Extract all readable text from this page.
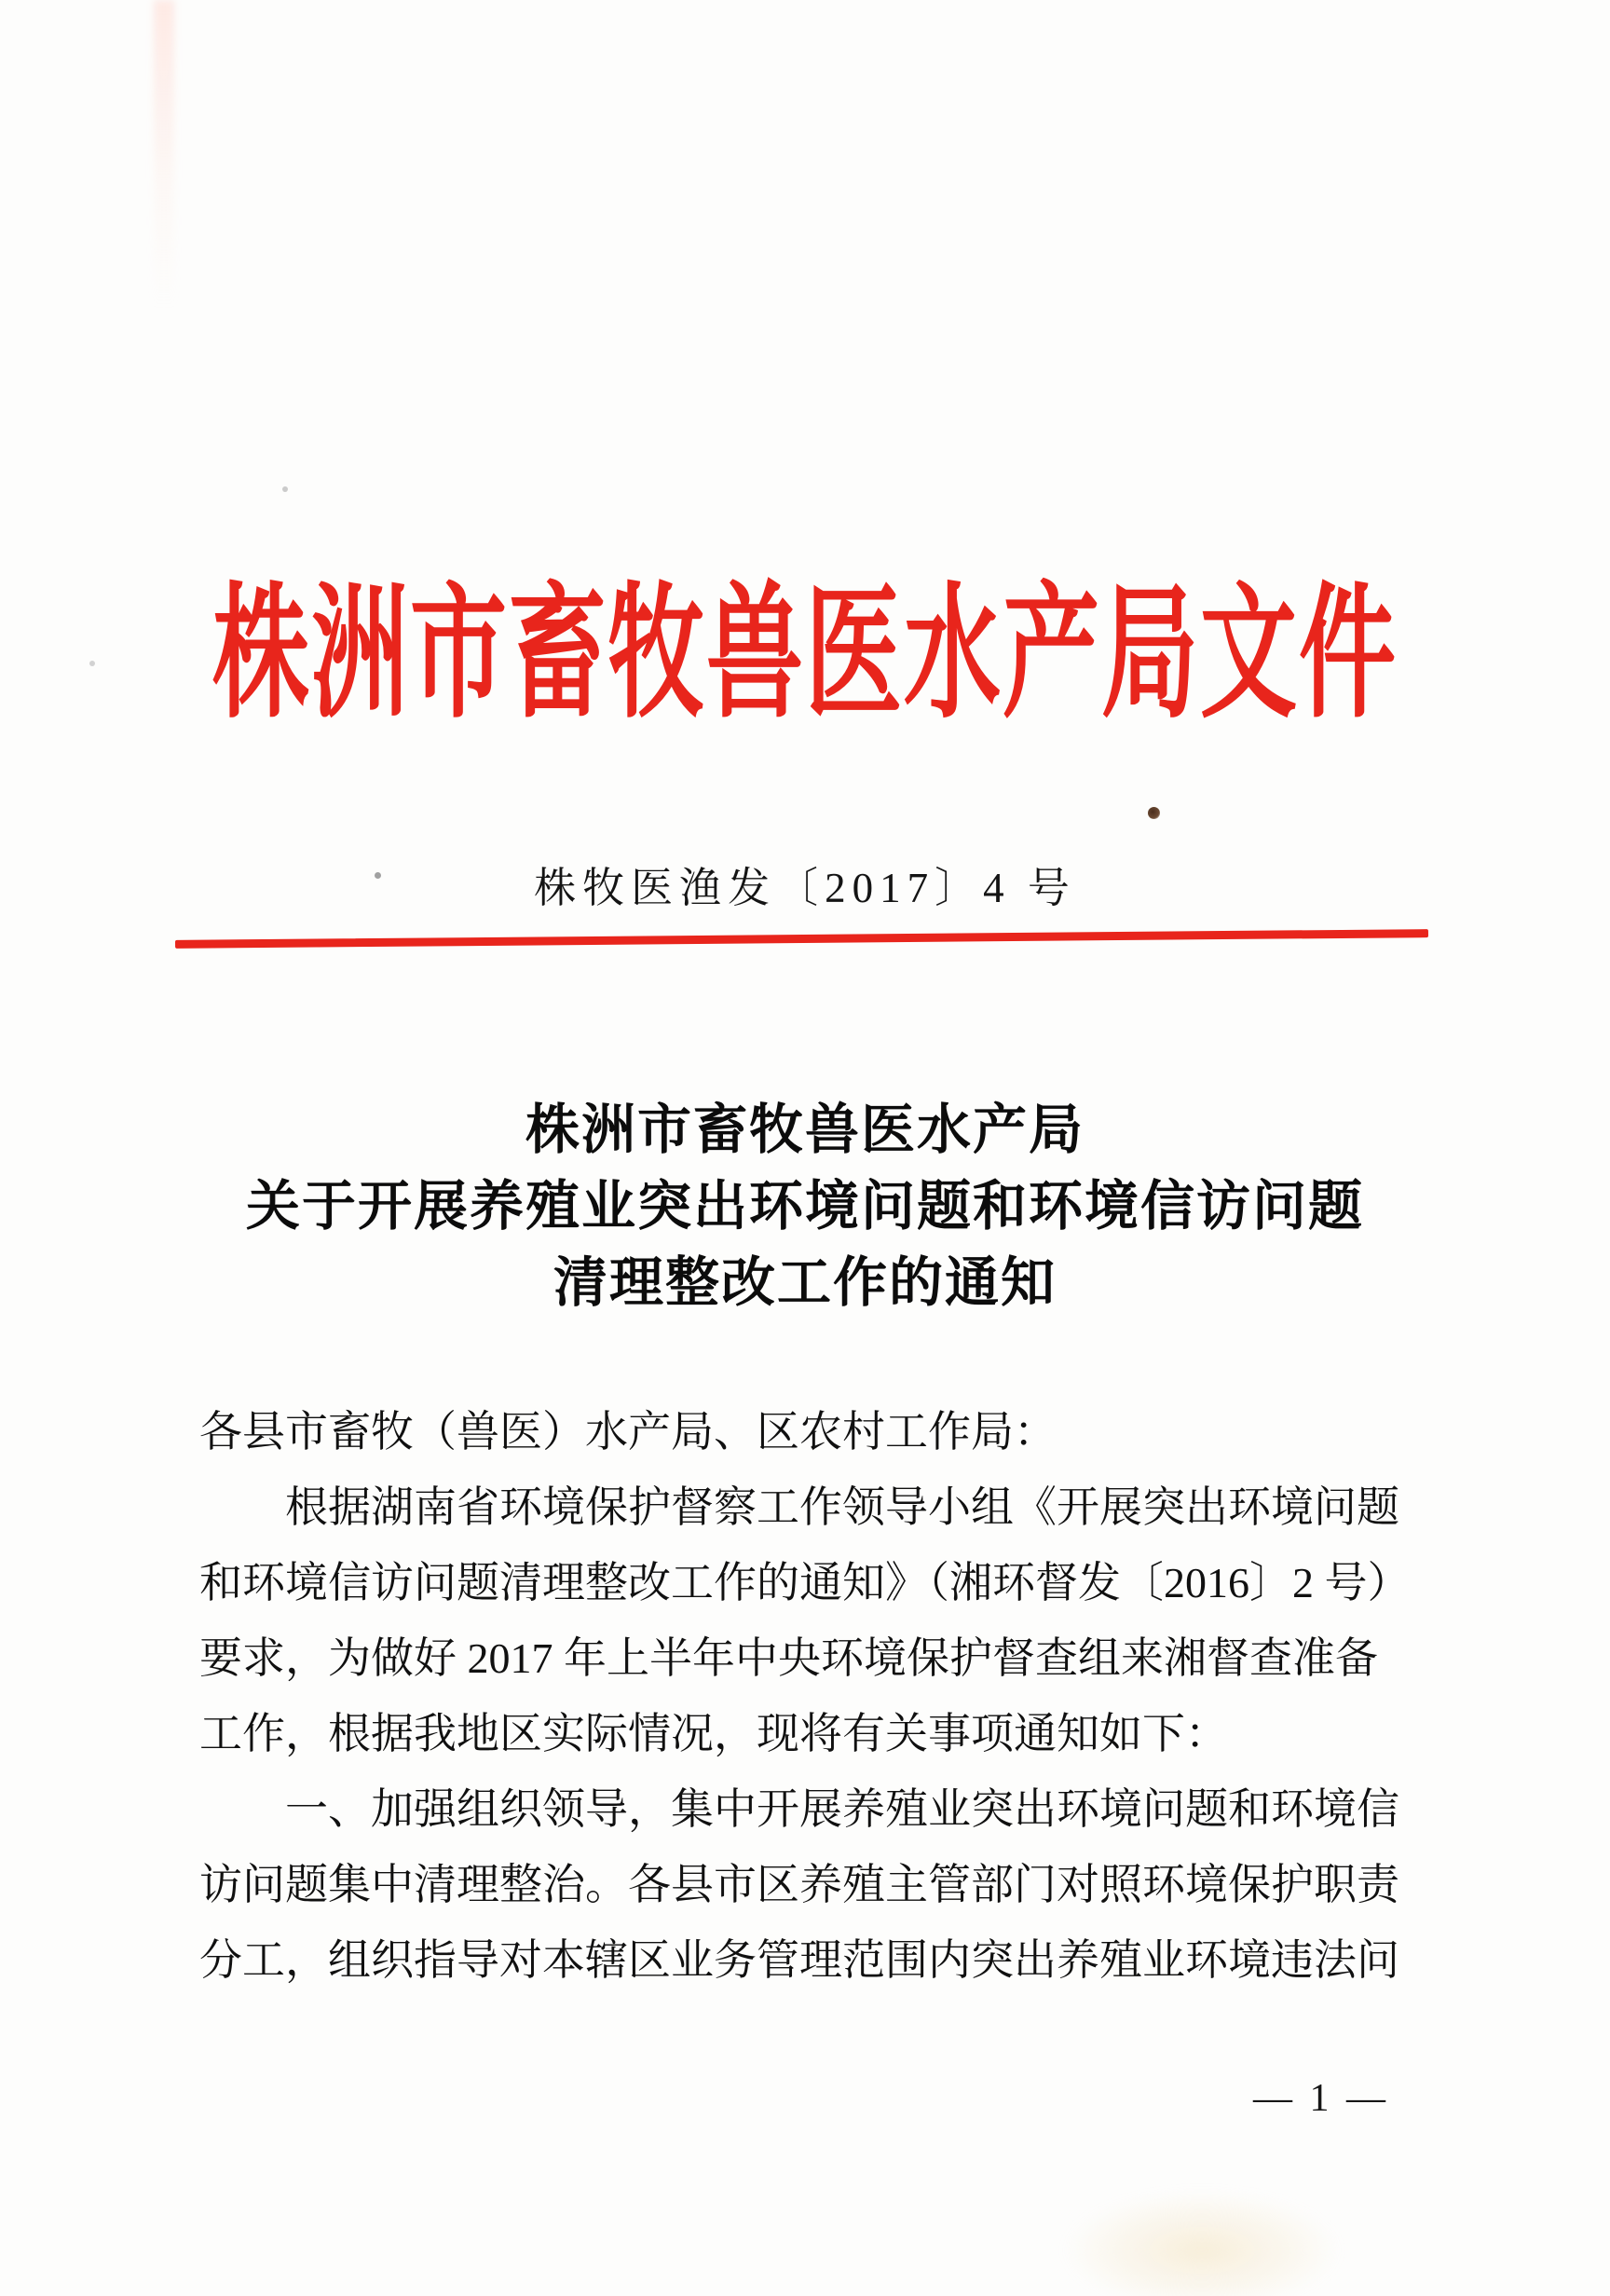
株洲市畜牧兽医水产局文件
株牧医渔发〔2017〕4 号
株洲市畜牧兽医水产局
关于开展养殖业突出环境问题和环境信访问题
清理整改工作的通知
各县市畜牧（兽医）水产局、区农村工作局：
根据湖南省环境保护督察工作领导小组《开展突出环境问题
和环境信访问题清理整改工作的通知》（湘环督发〔2016〕2 号）
要求，为做好 2017 年上半年中央环境保护督查组来湘督查准备
工作，根据我地区实际情况，现将有关事项通知如下：
一、加强组织领导，集中开展养殖业突出环境问题和环境信
访问题集中清理整治。各县市区养殖主管部门对照环境保护职责
分工，组织指导对本辖区业务管理范围内突出养殖业环境违法问
— 1 —
